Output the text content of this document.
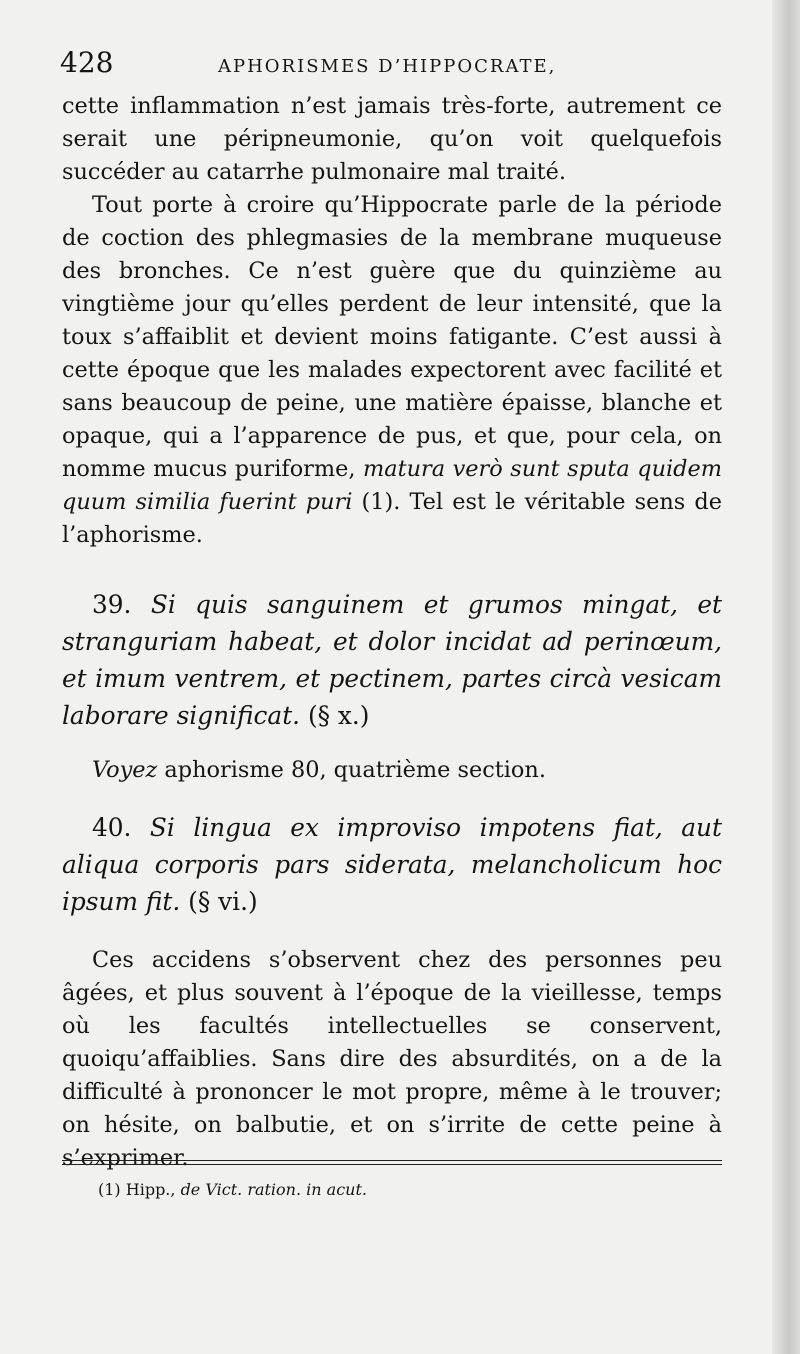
428	APHORISMES D’HIPPOCRATE,

cette inflammation n’est jamais très-forte, autrement ce serait une péripneumonie, qu’on voit quelquefois succéder au catarrhe pulmonaire mal traité.

Tout porte à croire qu’Hippocrate parle de la période de coction des phlegmasies de la membrane muqueuse des bronches. Ce n’est guère que du quinzième au vingtième jour qu’elles perdent de leur intensité, que la toux s’affaiblit et devient moins fatigante. C’est aussi à cette époque que les malades expectorent avec facilité et sans beaucoup de peine, une matière épaisse, blanche et opaque, qui a l’apparence de pus, et que, pour cela, on nomme mucus puriforme, matura verò sunt sputa quidem quum similia fuerint puri (1). Tel est le véritable sens de l’aphorisme.

39. Si quis sanguinem et grumos mingat, et stranguriam habeat, et dolor incidat ad perinœum, et imum ventrem, et pectinem, partes circà vesicam laborare significat. (§ x.)

Voyez aphorisme 80, quatrième section.

40. Si lingua ex improviso impotens fiat, aut aliqua corporis pars siderata, melancholicum hoc ipsum fit. (§ vi.)

Ces accidens s’observent chez des personnes peu âgées, et plus souvent à l’époque de la vieillesse, temps où les facultés intellectuelles se conservent, quoiqu’affaiblies. Sans dire des absurdités, on a de la difficulté à prononcer le mot propre, même à le trouver; on hésite, on balbutie, et on s’irrite de cette peine à s’exprimer.

(1) Hipp., de Vict. ration. in acut.
